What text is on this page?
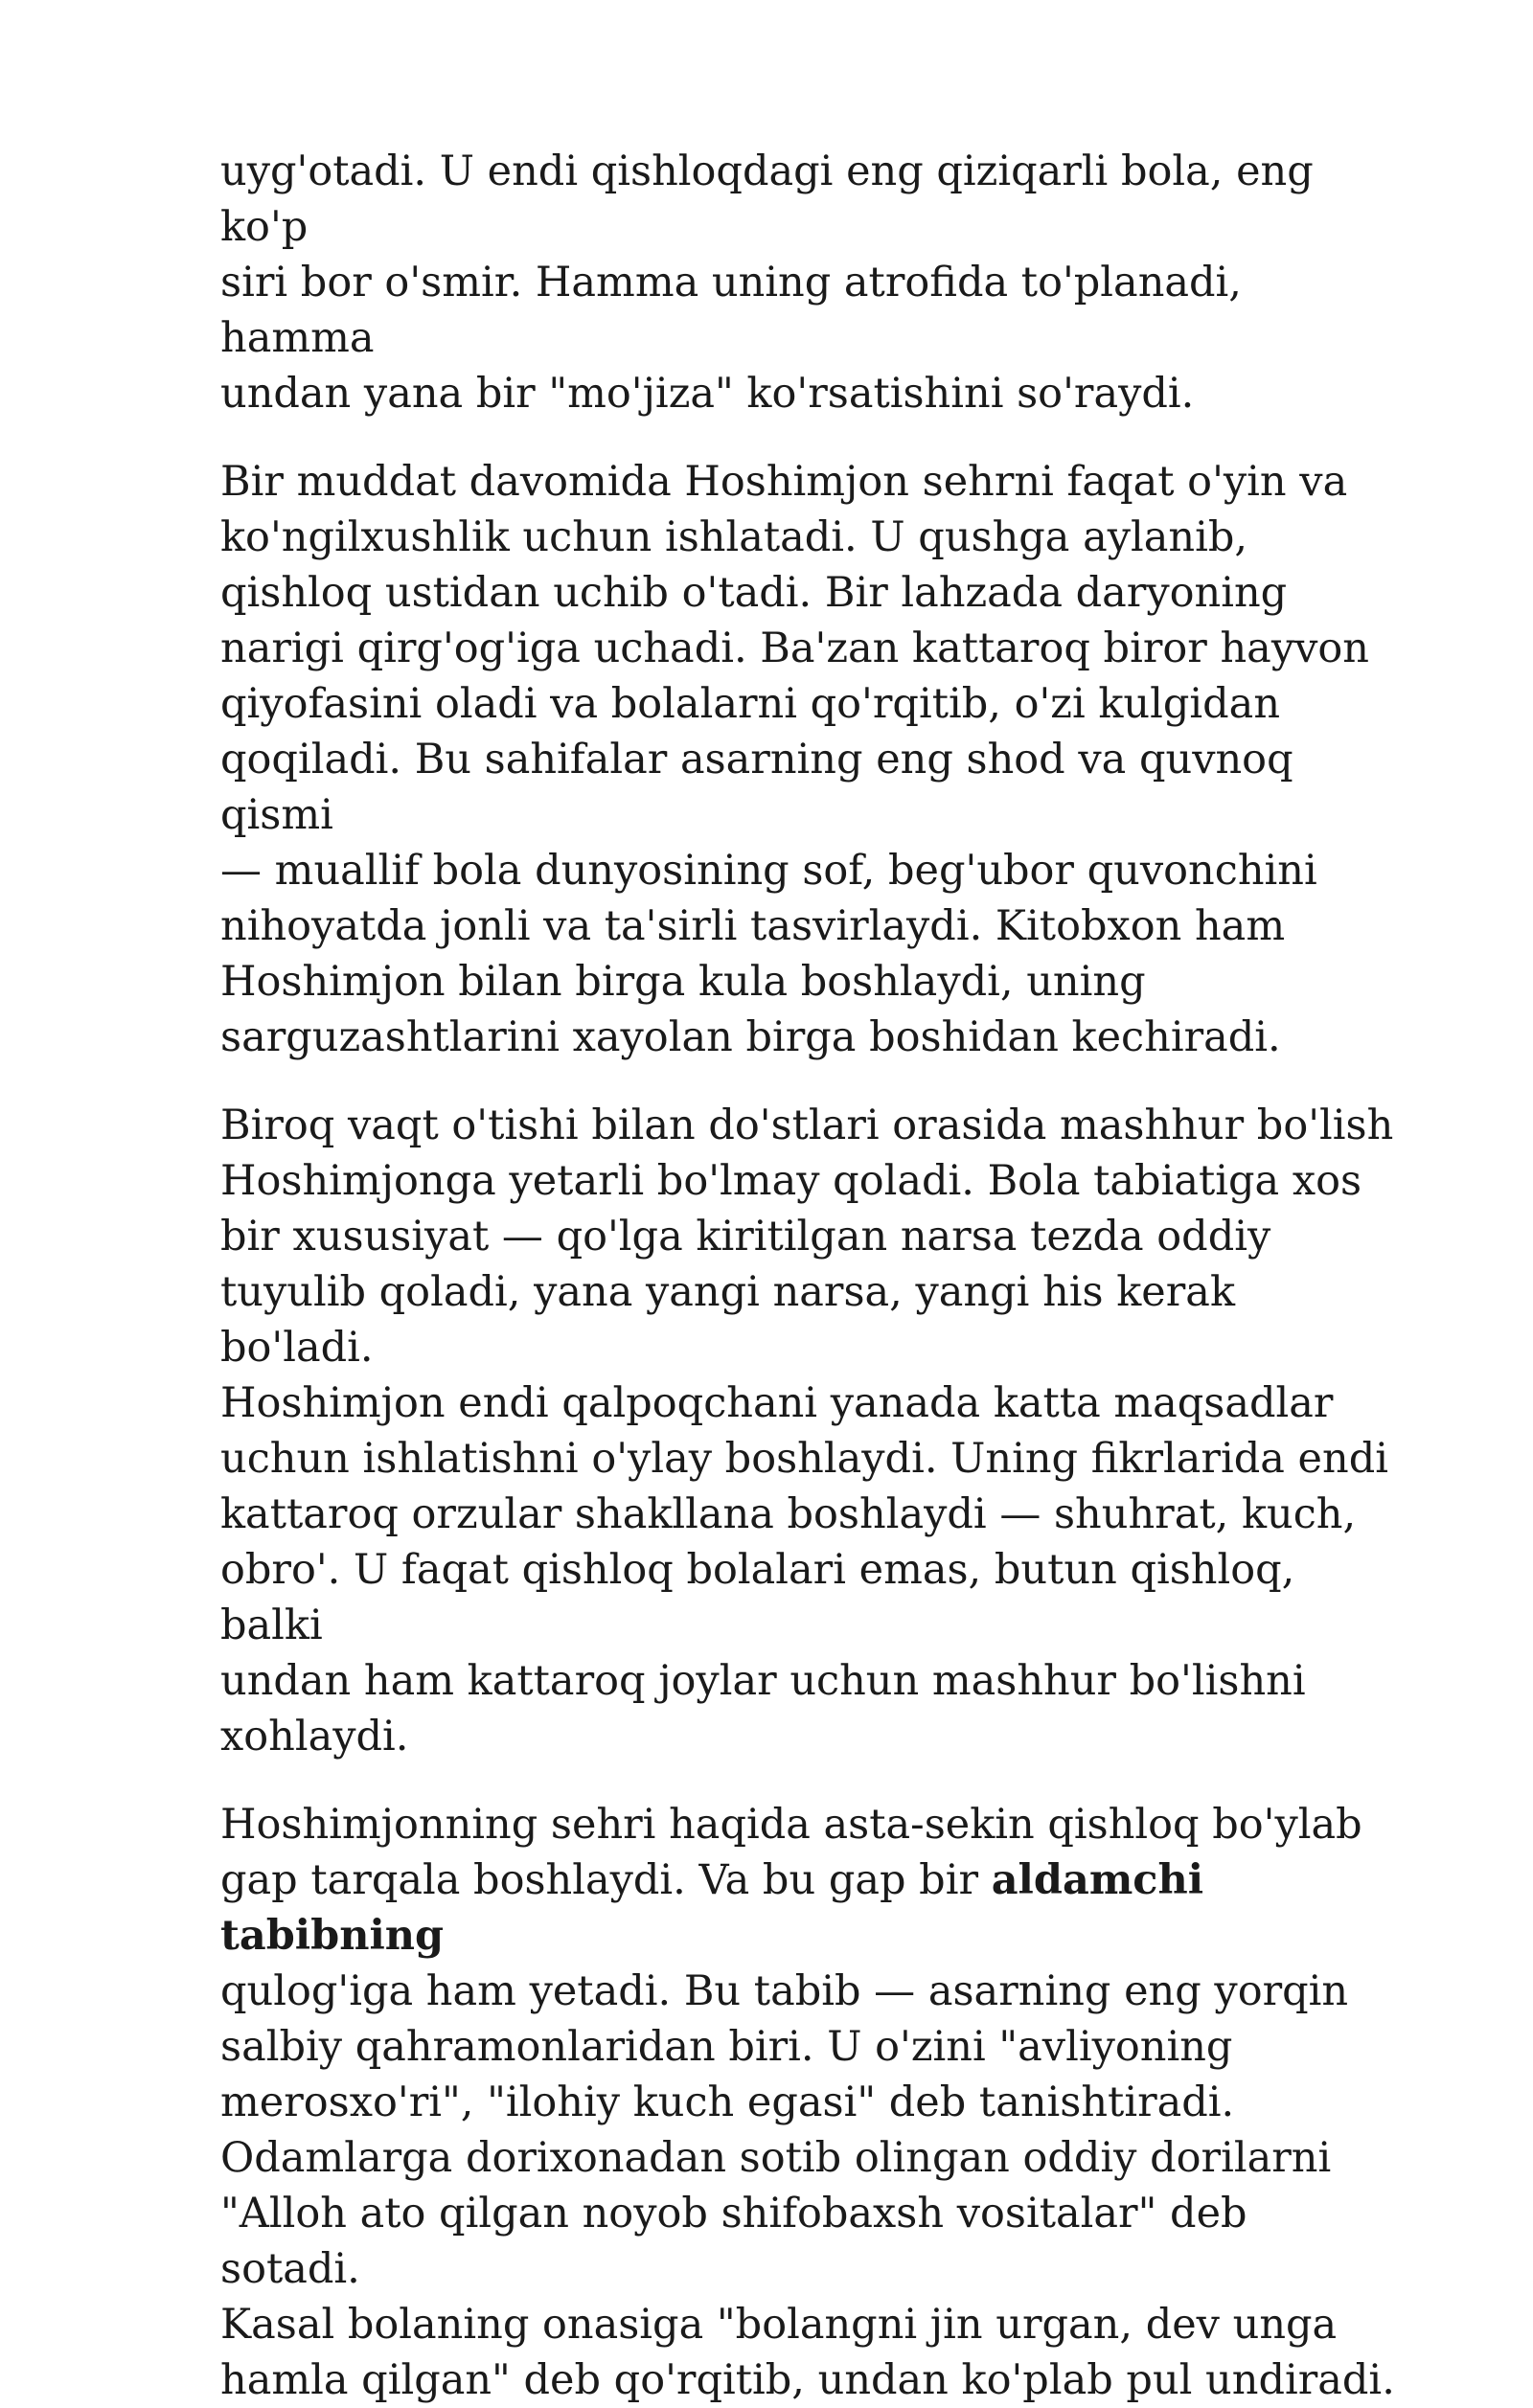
uyg'otadi. U endi qishloqdagi eng qiziqarli bola, eng ko'p
siri bor o'smir. Hamma uning atrofida to'planadi, hamma
undan yana bir "mo'jiza" ko'rsatishini so'raydi.

Bir muddat davomida Hoshimjon sehrni faqat o'yin va
ko'ngilxushlik uchun ishlatadi. U qushga aylanib,
qishloq ustidan uchib o'tadi. Bir lahzada daryoning
narigi qirg'og'iga uchadi. Ba'zan kattaroq biror hayvon
qiyofasini oladi va bolalarni qo'rqitib, o'zi kulgidan
qoqiladi. Bu sahifalar asarning eng shod va quvnoq qismi
— muallif bola dunyosining sof, beg'ubor quvonchini
nihoyatda jonli va ta'sirli tasvirlaydi. Kitobxon ham
Hoshimjon bilan birga kula boshlaydi, uning
sarguzashtlarini xayolan birga boshidan kechiradi.

Biroq vaqt o'tishi bilan do'stlari orasida mashhur bo'lish
Hoshimjonga yetarli bo'lmay qoladi. Bola tabiatiga xos
bir xususiyat — qo'lga kiritilgan narsa tezda oddiy
tuyulib qoladi, yana yangi narsa, yangi his kerak bo'ladi.
Hoshimjon endi qalpoqchani yanada katta maqsadlar
uchun ishlatishni o'ylay boshlaydi. Uning fikrlarida endi
kattaroq orzular shakllana boshlaydi — shuhrat, kuch,
obro'. U faqat qishloq bolalari emas, butun qishloq, balki
undan ham kattaroq joylar uchun mashhur bo'lishni
xohlaydi.

Hoshimjonning sehri haqida asta-sekin qishloq bo'ylab
gap tarqala boshlaydi. Va bu gap bir aldamchi tabibning
qulog'iga ham yetadi. Bu tabib — asarning eng yorqin
salbiy qahramonlaridan biri. U o'zini "avliyoning
merosxo'ri", "ilohiy kuch egasi" deb tanishtiradi.
Odamlarga dorixonadan sotib olingan oddiy dorilarni
"Alloh ato qilgan noyob shifobaxsh vositalar" deb sotadi.
Kasal bolaning onasiga "bolangni jin urgan, dev unga
hamla qilgan" deb qo'rqitib, undan ko'plab pul undiradi.
